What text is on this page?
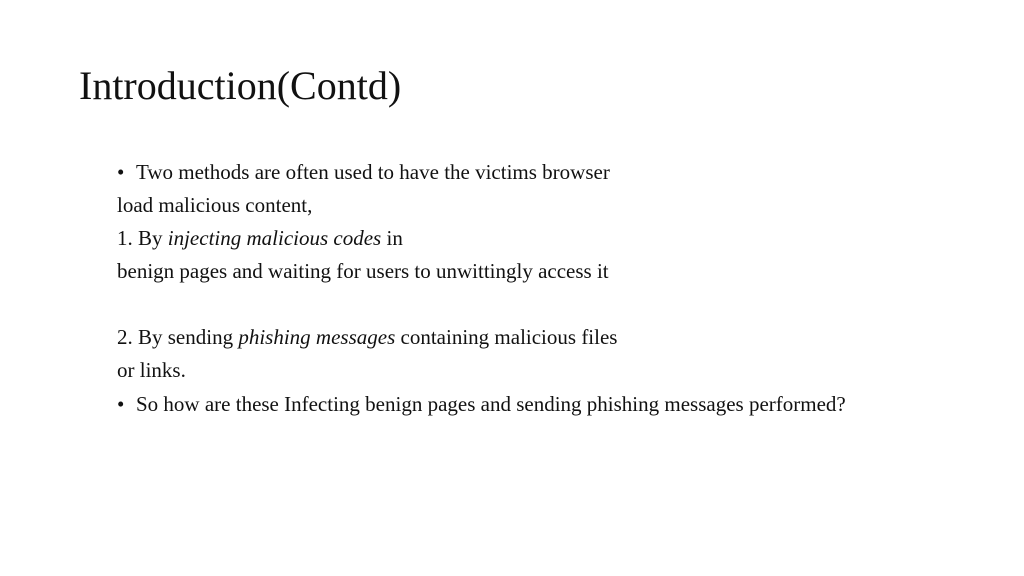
Introduction(Contd)
• Two methods are often used to have the victims browser
load malicious content,
1. By injecting malicious codes in
benign pages and waiting for users to unwittingly access it
2. By sending phishing messages containing malicious files
or links.
• So how are these Infecting benign pages and sending phishing messages performed?
